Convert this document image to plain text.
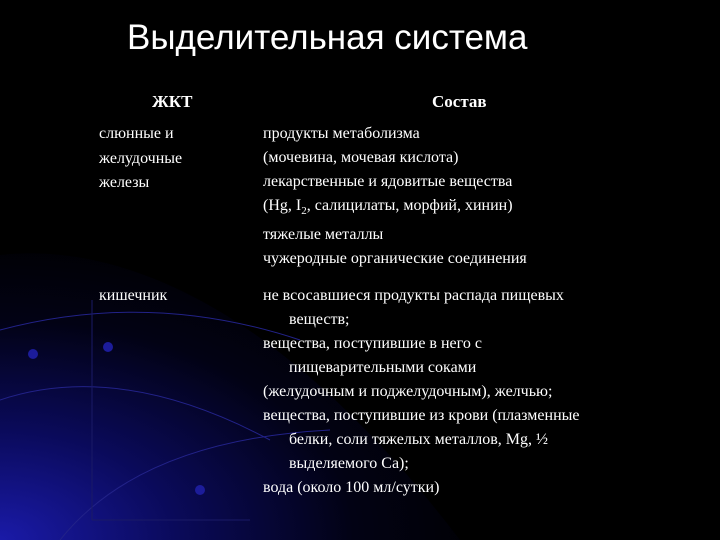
Выделительная система
ЖКТ	Состав
слюнные и
желудочные
железы
продукты метаболизма
(мочевина, мочевая кислота)
лекарственные и ядовитые вещества
(Hg, $I_2$, салицилаты, морфий, хинин)
тяжелые металлы
чужеродные органические соединения
кишечник	не всосавшиеся продукты распада пищевых
веществ;
вещества, поступившие в него с
пищеварительными соками
(желудочным и поджелудочным), желчью;
вещества, поступившие из крови (плазменные
белки, соли тяжелых металлов, Mg, ½
выделяемого Ca);
вода (около 100 мл/сутки)
